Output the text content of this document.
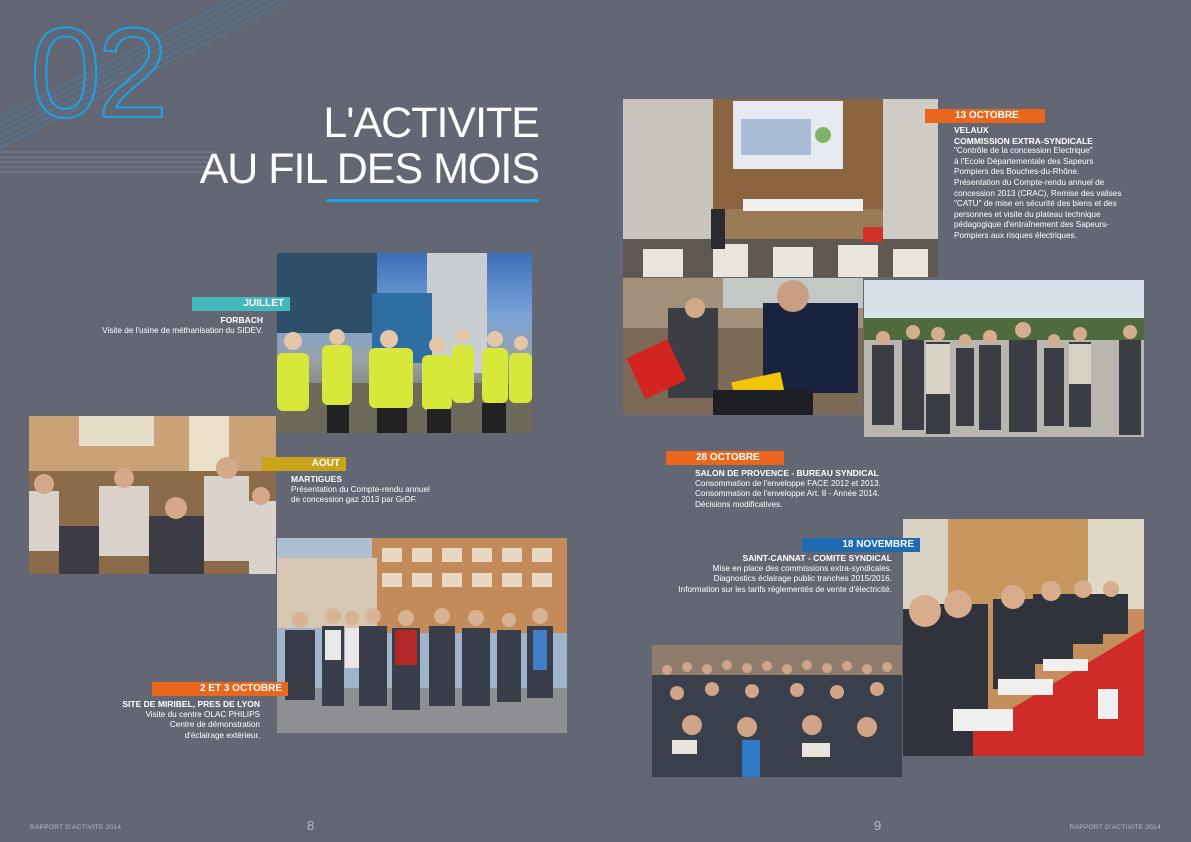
02	L'ACTIVITE
AU FIL DES MOIS
JUILLET
FORBACH
Visite de l'usine de méthanisation du SIDEV.
AOUT
MARTIGUES
Présentation du Compte-rendu annuel
de concession gaz 2013 par GrDF.
2 ET 3 OCTOBRE
SITE DE MIRIBEL, PRES DE LYON
Visite du centre OLAC PHILIPS
Centre de démonstration
d'éclairage extérieur.
13 OCTOBRE
VELAUX
COMMISSION EXTRA-SYNDICALE
"Contrôle de la concession Electrique"
à l'Ecole Départementale des Sapeurs
Pompiers des Bouches-du-Rhône.
Présentation du Compte-rendu annuel de
concession 2013 (CRAC), Remise des valises
"CATU" de mise en sécurité des biens et des
personnes et visite du plateau technique
pédagogique d'entraînement des Sapeurs-
Pompiers aux risques électriques.
28 OCTOBRE
SALON DE PROVENCE - BUREAU SYNDICAL
Consommation de l'enveloppe FACE 2012 et 2013.
Consommation de l'enveloppe Art. 8 - Année 2014.
Décisions modificatives.
18 NOVEMBRE
SAINT-CANNAT - COMITE SYNDICAL
Mise en place des commissions extra-syndicales.
Diagnostics éclairage public tranches 2015/2016.
Information sur les tarifs réglementés de vente d'électricité.
RAPPORT D'ACTIVITE 2014	8	9	RAPPORT D'ACTIVITE 2014
